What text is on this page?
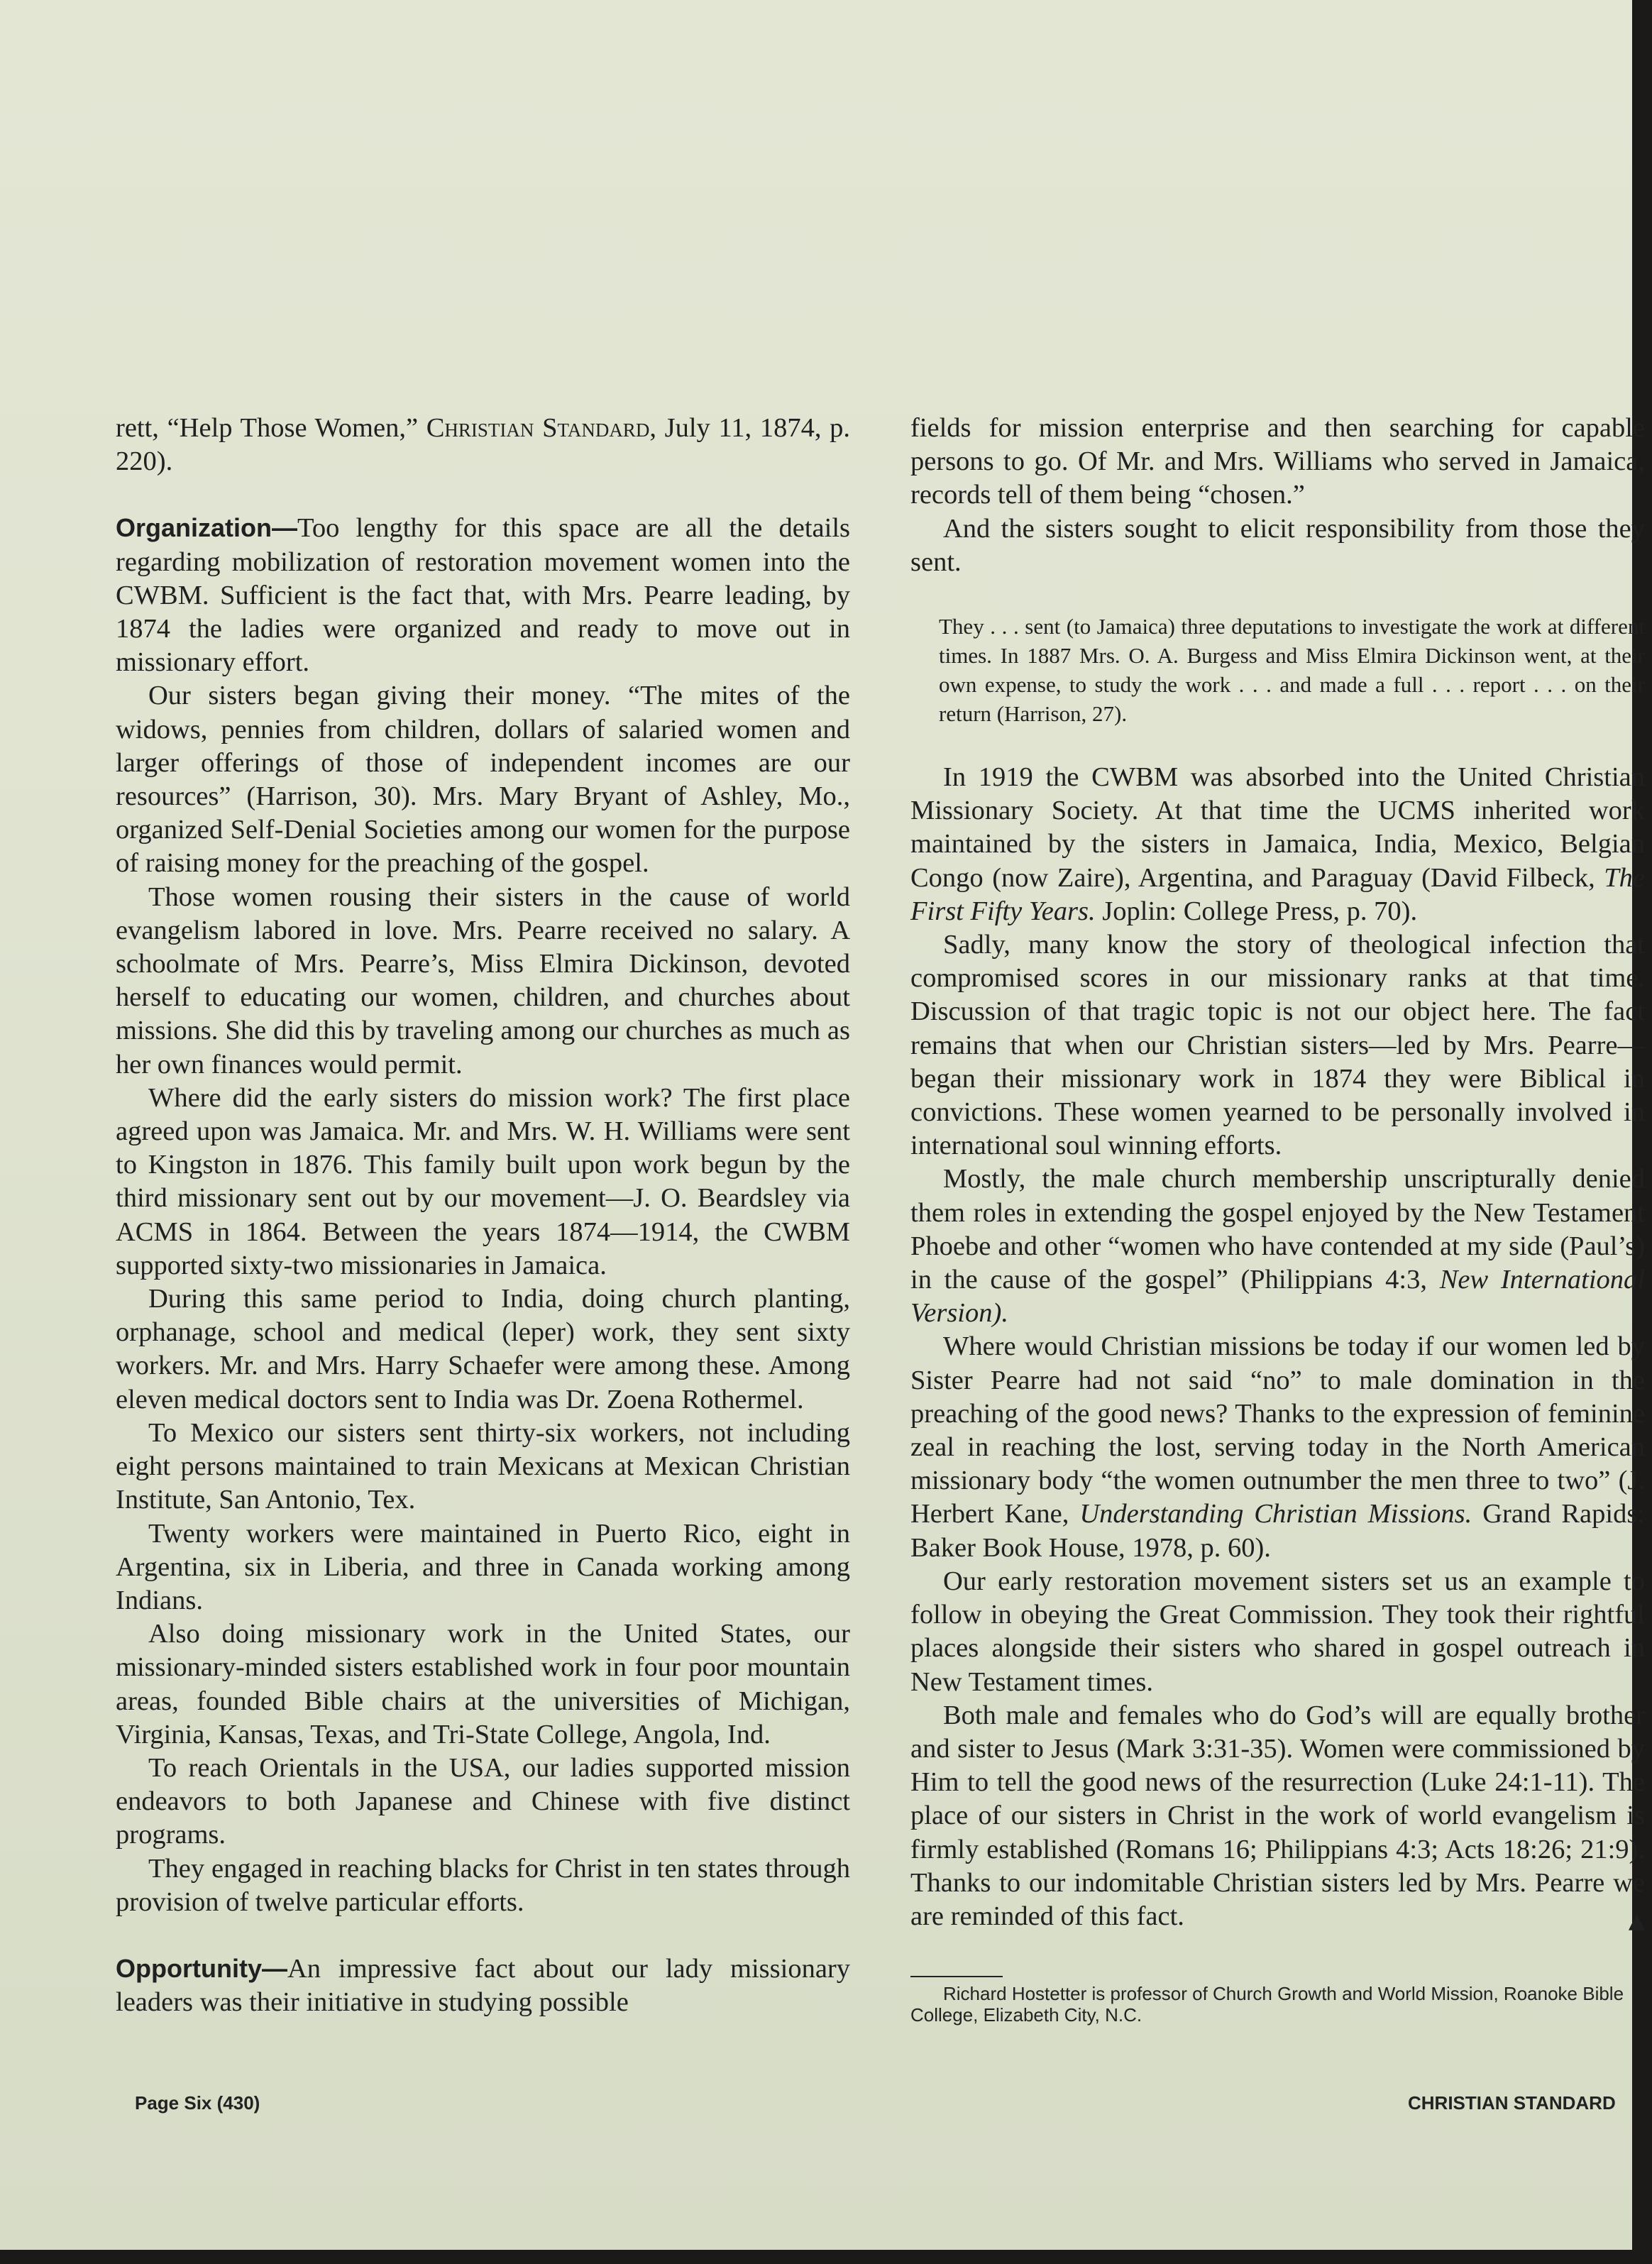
rett, “Help Those Women,” Christian Standard, July 11, 1874, p. 220).

Organization—Too lengthy for this space are all the details regarding mobilization of restoration movement women into the CWBM. Sufficient is the fact that, with Mrs. Pearre leading, by 1874 the ladies were organized and ready to move out in missionary effort.

Our sisters began giving their money. “The mites of the widows, pennies from children, dollars of salaried women and larger offerings of those of independent incomes are our resources” (Harrison, 30). Mrs. Mary Bryant of Ashley, Mo., organized Self-Denial Societies among our women for the purpose of raising money for the preaching of the gospel.

Those women rousing their sisters in the cause of world evangelism labored in love. Mrs. Pearre received no salary. A schoolmate of Mrs. Pearre’s, Miss Elmira Dickinson, devoted herself to educating our women, children, and churches about missions. She did this by traveling among our churches as much as her own finances would permit.

Where did the early sisters do mission work? The first place agreed upon was Jamaica. Mr. and Mrs. W. H. Williams were sent to Kingston in 1876. This family built upon work begun by the third missionary sent out by our movement—J. O. Beardsley via ACMS in 1864. Between the years 1874—1914, the CWBM supported sixty-two missionaries in Jamaica.

During this same period to India, doing church planting, orphanage, school and medical (leper) work, they sent sixty workers. Mr. and Mrs. Harry Schaefer were among these. Among eleven medical doctors sent to India was Dr. Zoena Rothermel.

To Mexico our sisters sent thirty-six workers, not including eight persons maintained to train Mexicans at Mexican Christian Institute, San Antonio, Tex.

Twenty workers were maintained in Puerto Rico, eight in Argentina, six in Liberia, and three in Canada working among Indians.

Also doing missionary work in the United States, our missionary-minded sisters established work in four poor mountain areas, founded Bible chairs at the universities of Michigan, Virginia, Kansas, Texas, and Tri-State College, Angola, Ind.

To reach Orientals in the USA, our ladies supported mission endeavors to both Japanese and Chinese with five distinct programs.

They engaged in reaching blacks for Christ in ten states through provision of twelve particular efforts.

Opportunity—An impressive fact about our lady missionary leaders was their initiative in studying possible

fields for mission enterprise and then searching for capable persons to go. Of Mr. and Mrs. Williams who served in Jamaica, records tell of them being “chosen.”

And the sisters sought to elicit responsibility from those they sent.

They . . . sent (to Jamaica) three deputations to investigate the work at different times. In 1887 Mrs. O. A. Burgess and Miss Elmira Dickinson went, at their own expense, to study the work . . . and made a full . . . report . . . on their return (Harrison, 27).

In 1919 the CWBM was absorbed into the United Christian Missionary Society. At that time the UCMS inherited work maintained by the sisters in Jamaica, India, Mexico, Belgian Congo (now Zaire), Argentina, and Paraguay (David Filbeck, The First Fifty Years. Joplin: College Press, p. 70).

Sadly, many know the story of theological infection that compromised scores in our missionary ranks at that time. Discussion of that tragic topic is not our object here. The fact remains that when our Christian sisters—led by Mrs. Pearre—began their missionary work in 1874 they were Biblical in convictions. These women yearned to be personally involved in international soul winning efforts.

Mostly, the male church membership unscripturally denied them roles in extending the gospel enjoyed by the New Testament Phoebe and other “women who have contended at my side (Paul’s) in the cause of the gospel” (Philippians 4:3, New International Version).

Where would Christian missions be today if our women led by Sister Pearre had not said “no” to male domination in the preaching of the good news? Thanks to the expression of feminine zeal in reaching the lost, serving today in the North American missionary body “the women outnumber the men three to two” (J. Herbert Kane, Understanding Christian Missions. Grand Rapids: Baker Book House, 1978, p. 60).

Our early restoration movement sisters set us an example to follow in obeying the Great Commission. They took their rightful places alongside their sisters who shared in gospel outreach in New Testament times.

Both male and females who do God’s will are equally brother and sister to Jesus (Mark 3:31-35). Women were commissioned by Him to tell the good news of the resurrection (Luke 24:1-11). The place of our sisters in Christ in the work of world evangelism is firmly established (Romans 16; Philippians 4:3; Acts 18:26; 21:9). Thanks to our indomitable Christian sisters led by Mrs. Pearre we are reminded of this fact.	▲

Richard Hostetter is professor of Church Growth and World Mission, Roanoke Bible College, Elizabeth City, N.C.

Page Six (430)	CHRISTIAN STANDARD
